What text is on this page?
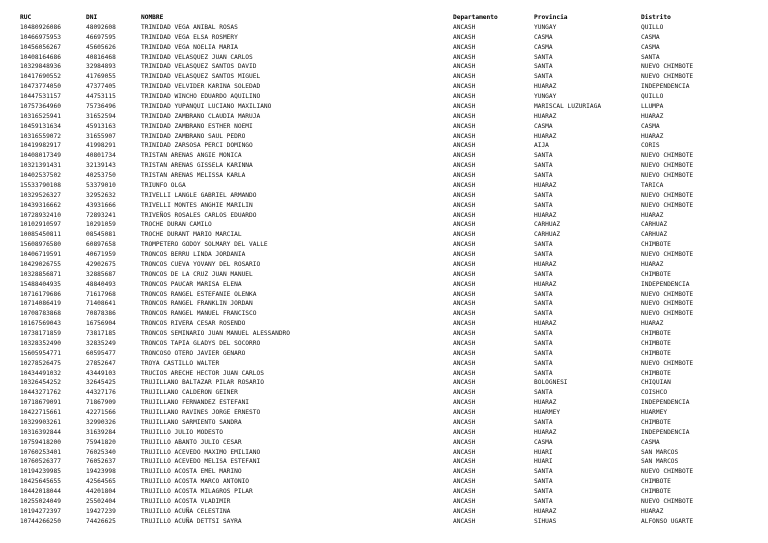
RUC	DNI	NOMBRE	Departamento	Provincia	Distrito
10480926086	48092608	TRINIDAD VEGA ANIBAL ROSAS	ANCASH	YUNGAY	QUILLO
10466975953	46697595	TRINIDAD VEGA ELSA ROSMERY	ANCASH	CASMA	CASMA
10456056267	45605626	TRINIDAD VEGA NOELIA MARIA	ANCASH	CASMA	CASMA
10408164686	40816468	TRINIDAD VELASQUEZ JUAN CARLOS	ANCASH	SANTA	SANTA
10329848936	32984893	TRINIDAD VELASQUEZ SANTOS DAVID	ANCASH	SANTA	NUEVO CHIMBOTE
10417690552	41769055	TRINIDAD VELASQUEZ SANTOS MIGUEL	ANCASH	SANTA	NUEVO CHIMBOTE
10473774050	47377405	TRINIDAD VELVIDER KARINA SOLEDAD	ANCASH	HUARAZ	INDEPENDENCIA
10447531157	44753115	TRINIDAD WINCHO EDUARDO AQUILINO	ANCASH	YUNGAY	QUILLO
10757364960	75736496	TRINIDAD YUPANQUI LUCIANO MAXILIANO	ANCASH	MARISCAL LUZURIAGA	LLUMPA
10316525941	31652594	TRINIDAD ZAMBRANO CLAUDIA MARUJA	ANCASH	HUARAZ	HUARAZ
10459131634	45913163	TRINIDAD ZAMBRANO ESTHER NOEMI	ANCASH	CASMA	CASMA
10316559072	31655907	TRINIDAD ZAMBRANO SAUL PEDRO	ANCASH	HUARAZ	HUARAZ
10419982917	41998291	TRINIDAD ZARSOSA PERCI DOMINGO	ANCASH	AIJA	CORIS
10408017349	40801734	TRISTAN ARENAS ANGIE MONICA	ANCASH	SANTA	NUEVO CHIMBOTE
10321391431	32139143	TRISTAN ARENAS GISSELA KARINNA	ANCASH	SANTA	NUEVO CHIMBOTE
10402537502	40253750	TRISTAN ARENAS MELISSA KARLA	ANCASH	SANTA	NUEVO CHIMBOTE
15533790108	53379010	TRIUNFO OLGA	ANCASH	HUARAZ	TARICA
10329526327	32952632	TRIVELLI LANGLE GABRIEL ARMANDO	ANCASH	SANTA	NUEVO CHIMBOTE
10439316662	43931666	TRIVELLI MONTES ANGHIE MARILIN	ANCASH	SANTA	NUEVO CHIMBOTE
10728932410	72893241	TRIVEÑOS ROSALES CARLOS EDUARDO	ANCASH	HUARAZ	HUARAZ
10102910597	10291059	TROCHE DURAN CAMILO	ANCASH	CARHUAZ	CARHUAZ
10085450811	08545081	TROCHE DURANT MARIO MARCIAL	ANCASH	CARHUAZ	CARHUAZ
15608976580	60897658	TROMPETERO GODOY SOLMARY DEL VALLE	ANCASH	SANTA	CHIMBOTE
10406719591	40671959	TRONCOS BERRU LINDA JORDANIA	ANCASH	SANTA	NUEVO CHIMBOTE
10429026755	42902675	TRONCOS CUEVA YOVANY DEL ROSARIO	ANCASH	HUARAZ	HUARAZ
10328856871	32885687	TRONCOS DE LA CRUZ JUAN MANUEL	ANCASH	SANTA	CHIMBOTE
15488404935	48840493	TRONCOS PAUCAR MARISA ELENA	ANCASH	HUARAZ	INDEPENDENCIA
10716179686	71617968	TRONCOS RANGEL ESTEFANIE OLENKA	ANCASH	SANTA	NUEVO CHIMBOTE
10714086419	71408641	TRONCOS RANGEL FRANKLIN JORDAN	ANCASH	SANTA	NUEVO CHIMBOTE
10708783868	70878386	TRONCOS RANGEL MANUEL FRANCISCO	ANCASH	SANTA	NUEVO CHIMBOTE
10167569043	16756904	TRONCOS RIVERA CESAR ROSENDO	ANCASH	HUARAZ	HUARAZ
10738171859	73817185	TRONCOS SEMINARIO JUAN MANUEL ALESSANDRO	ANCASH	SANTA	CHIMBOTE
10328352490	32835249	TRONCOS TAPIA GLADYS DEL SOCORRO	ANCASH	SANTA	CHIMBOTE
15605954771	60595477	TRONCOSO OTERO JAVIER GENARO	ANCASH	SANTA	CHIMBOTE
10278526475	27852647	TROYA CASTILLO WALTER	ANCASH	SANTA	NUEVO CHIMBOTE
10434491032	43449103	TRUCIOS ARECHE HECTOR JUAN CARLOS	ANCASH	SANTA	CHIMBOTE
10326454252	32645425	TRUJILLANO BALTAZAR PILAR ROSARIO	ANCASH	BOLOGNESI	CHIQUIAN
10443271762	44327176	TRUJILLANO CALDERON GEINER	ANCASH	SANTA	COISHCO
10718679091	71867909	TRUJILLANO FERNANDEZ ESTEFANI	ANCASH	HUARAZ	INDEPENDENCIA
10422715661	42271566	TRUJILLANO RAVINES JORGE ERNESTO	ANCASH	HUARMEY	HUARMEY
10329903261	32990326	TRUJILLANO SARMIENTO SANDRA	ANCASH	SANTA	CHIMBOTE
10316392844	31639284	TRUJILLO JULIO MODESTO	ANCASH	HUARAZ	INDEPENDENCIA
10759418200	75941820	TRUJILLO ABANTO JULIO CESAR	ANCASH	CASMA	CASMA
10760253401	76025340	TRUJILLO ACEVEDO MAXIMO EMILIANO	ANCASH	HUARI	SAN MARCOS
10760526377	76052637	TRUJILLO ACEVEDO MELISA ESTEFANI	ANCASH	HUARI	SAN MARCOS
10194239985	19423998	TRUJILLO ACOSTA EMEL MARINO	ANCASH	SANTA	NUEVO CHIMBOTE
10425645655	42564565	TRUJILLO ACOSTA MARCO ANTONIO	ANCASH	SANTA	CHIMBOTE
10442018044	44201804	TRUJILLO ACOSTA MILAGROS PILAR	ANCASH	SANTA	CHIMBOTE
10255024049	25502404	TRUJILLO ACOSTA VLADIMIR	ANCASH	SANTA	NUEVO CHIMBOTE
10194272397	19427239	TRUJILLO ACUÑA CELESTINA	ANCASH	HUARAZ	HUARAZ
10744266250	74426625	TRUJILLO ACUÑA DETTSI SAYRA	ANCASH	SIHUAS	ALFONSO UGARTE
